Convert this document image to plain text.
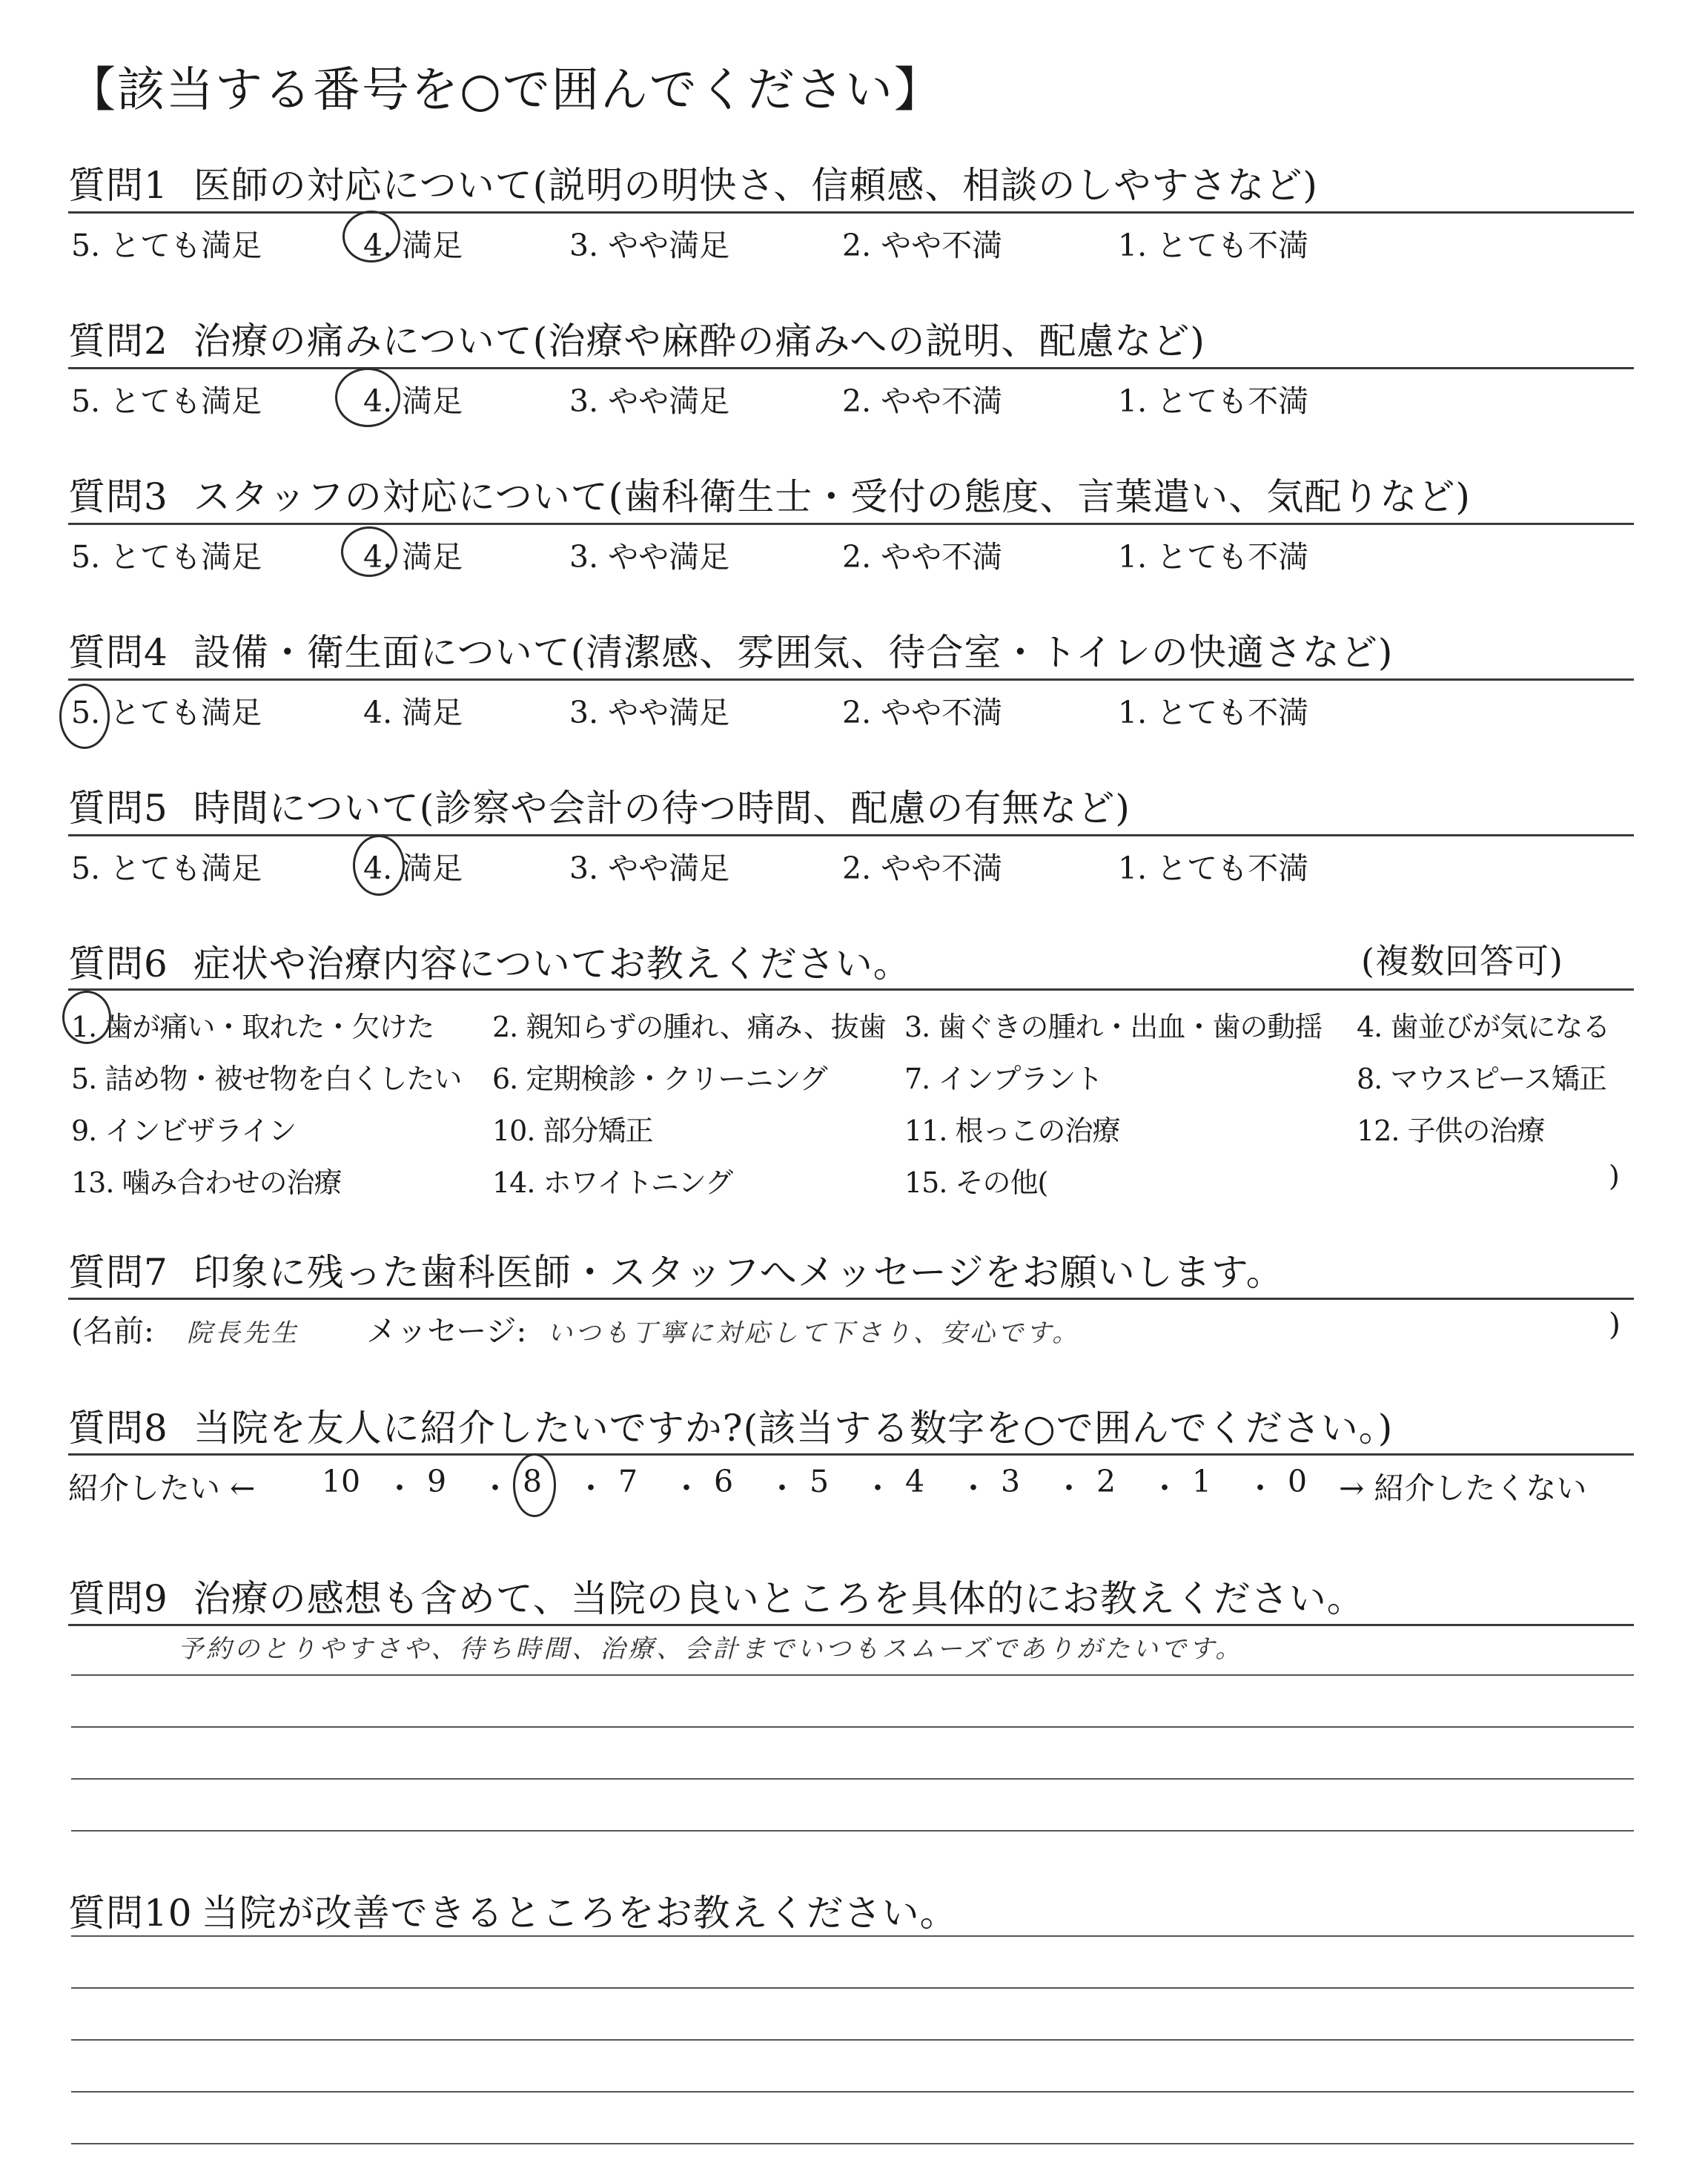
【該当する番号を○で囲んでください】
質問1 医師の対応について(説明の明快さ、信頼感、相談のしやすさなど)
5. とても満足	4. 満足	3. やや満足	2. やや不満	1. とても不満
質問2 治療の痛みについて(治療や麻酔の痛みへの説明、配慮など)
5. とても満足	4. 満足	3. やや満足	2. やや不満	1. とても不満
質問3 スタッフの対応について(歯科衛生士・受付の態度、言葉遣い、気配りなど)
5. とても満足	4. 満足	3. やや満足	2. やや不満	1. とても不満
質問4 設備・衛生面について(清潔感、雰囲気、待合室・トイレの快適さなど)
5. とても満足	4. 満足	3. やや満足	2. やや不満	1. とても不満
質問5 時間について(診察や会計の待つ時間、配慮の有無など)
5. とても満足	4. 満足	3. やや満足	2. やや不満	1. とても不満
質問6 症状や治療内容についてお教えください。	(複数回答可)
1. 歯が痛い・取れた・欠けた 2. 親知らずの腫れ、痛み、抜歯 3. 歯ぐきの腫れ・出血・歯の動揺 4. 歯並びが気になる
5. 詰め物・被せ物を白くしたい 6. 定期検診・クリーニング	7. インプラント	8. マウスピース矯正
9. インビザライン	10. 部分矯正	11. 根っこの治療	12. 子供の治療
13. 噛み合わせの治療	14. ホワイトニング	15. その他(	)
質問7 印象に残った歯科医師・スタッフへメッセージをお願いします。
(名前: 院長先生 メッセージ: いつも丁寧に対応して下さり、安心です。	)
質問8 当院を友人に紹介したいですか?(該当する数字を○で囲んでください。)
紹介したい ←	→ 紹介したくない
10 ・ 9	・ 8	・ 7	・ 6	・ 5	・ 4	・ 3	・ 2	・ 1	・ 0
質問9 治療の感想も含めて、当院の良いところを具体的にお教えください。
予約のとりやすさや、待ち時間、治療、会計までいつもスムーズでありがたいです。
質問10 当院が改善できるところをお教えください。
